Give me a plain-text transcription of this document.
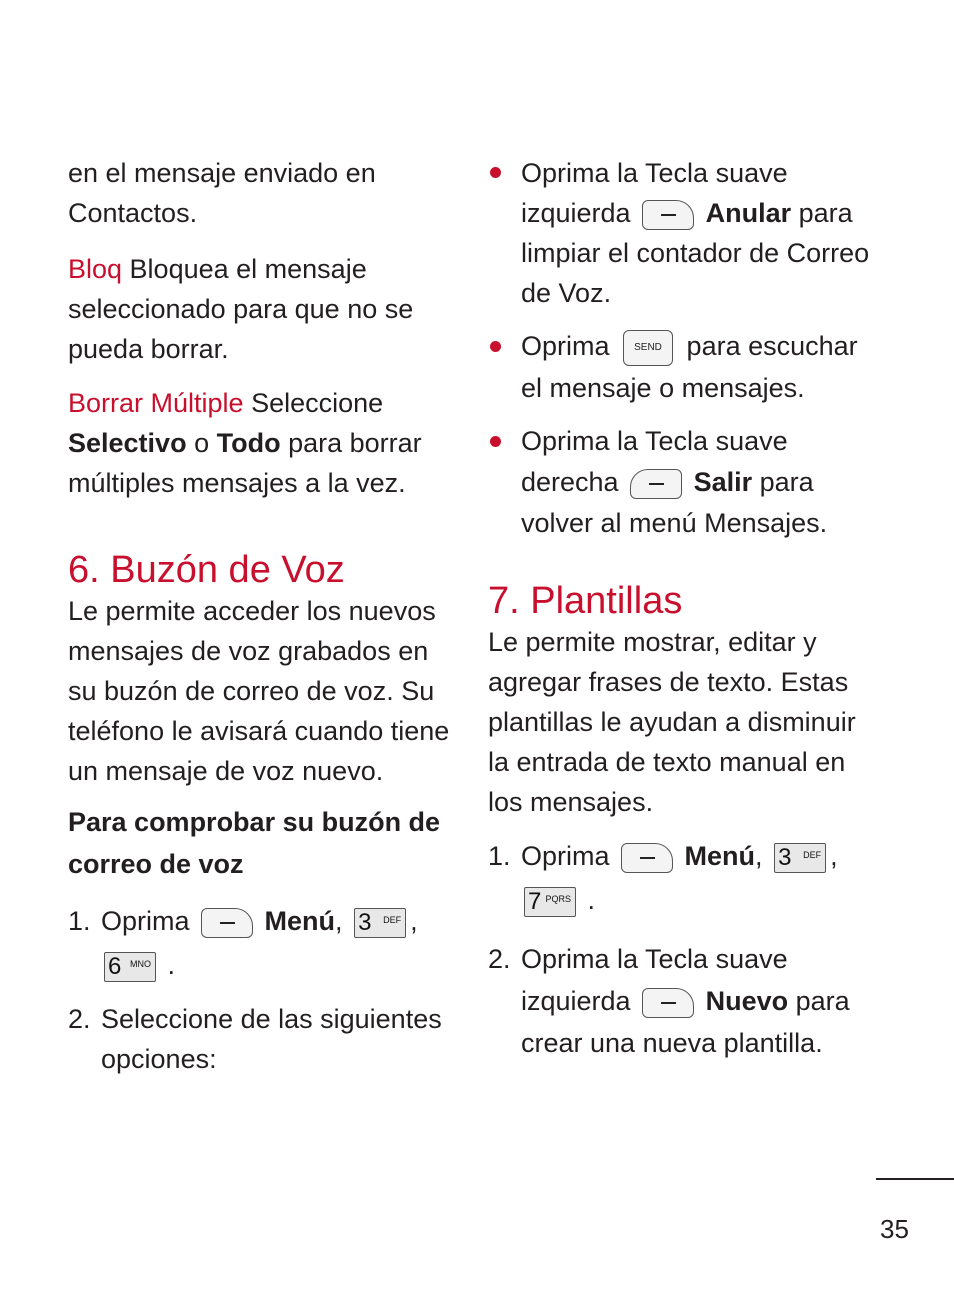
en el mensaje enviado en
Contactos.

Bloq Bloquea el mensaje seleccionado para que no se pueda borrar.

Borrar Múltiple Seleccione Selectivo o Todo para borrar múltiples mensajes a la vez.

6. Buzón de Voz

Le permite acceder los nuevos mensajes de voz grabados en su buzón de correo de voz. Su teléfono le avisará cuando tiene un mensaje de voz nuevo.

Para comprobar su buzón de correo de voz

1. Oprima	Menú, 3 DEF ,

6 MNO .
2. Seleccione de las siguientes opciones:
Oprima la Tecla suave izquierda	Anular para limpiar el contador de Correo de Voz.
Oprima SEND para escuchar el mensaje o mensajes.
Oprima la Tecla suave derecha	Salir para volver al menú Mensajes.
7. Plantillas

Le permite mostrar, editar y agregar frases de texto. Estas plantillas le ayudan a disminuir la entrada de texto manual en los mensajes.

1. Oprima	Menú, 3 DEF ,

7 PQRS .
2. Oprima la Tecla suave izquierda	Nuevo para crear una nueva plantilla.
35
